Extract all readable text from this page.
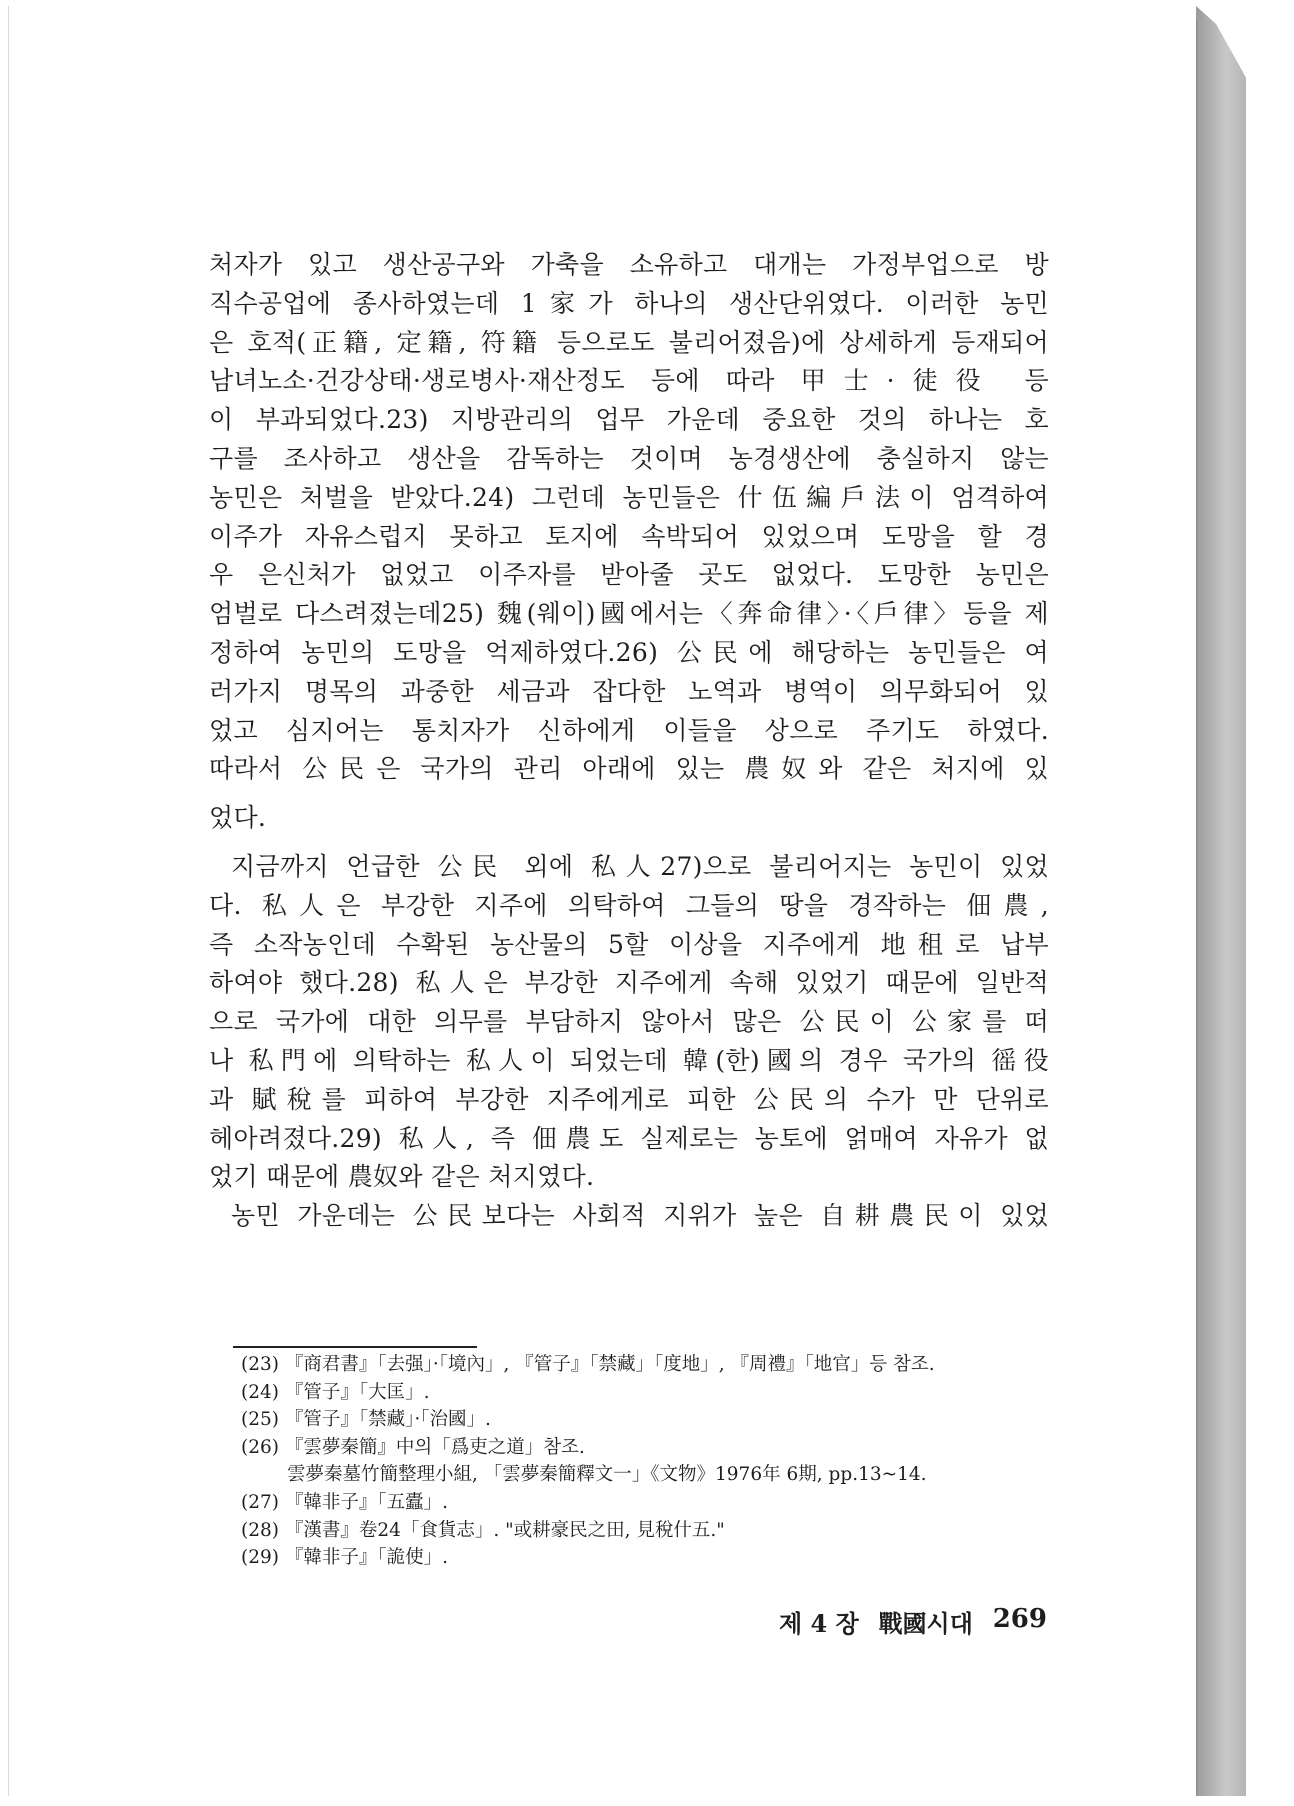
처자가 있고 생산공구와 가축을 소유하고 대개는 가정부업으로 방
직수공업에 종사하였는데 1家가 하나의 생산단위였다. 이러한 농민
은 호적(正籍, 定籍, 符籍 등으로도 불리어졌음)에 상세하게 등재되어
남녀노소·건강상태·생로병사·재산정도 등에 따라 甲士·徒役 등
이 부과되었다.23) 지방관리의 업무 가운데 중요한 것의 하나는 호
구를 조사하고 생산을 감독하는 것이며 농경생산에 충실하지 않는
농민은 처벌을 받았다.24) 그런데 농민들은 什伍編戶法이 엄격하여
이주가 자유스럽지 못하고 토지에 속박되어 있었으며 도망을 할 경
우 은신처가 없었고 이주자를 받아줄 곳도 없었다. 도망한 농민은
엄벌로 다스려졌는데25) 魏(웨이)國에서는〈奔命律〉·〈戶律〉등을 제
정하여 농민의 도망을 억제하였다.26) 公民에 해당하는 농민들은 여
러가지 명목의 과중한 세금과 잡다한 노역과 병역이 의무화되어 있
었고 심지어는 통치자가 신하에게 이들을 상으로 주기도 하였다.
따라서 公民은 국가의 관리 아래에 있는 農奴와 같은 처지에 있
었다.
지금까지 언급한 公民 외에 私人27)으로 불리어지는 농민이 있었
다. 私人은 부강한 지주에 의탁하여 그들의 땅을 경작하는 佃農,
즉 소작농인데 수확된 농산물의 5할 이상을 지주에게 地租로 납부
하여야 했다.28) 私人은 부강한 지주에게 속해 있었기 때문에 일반적
으로 국가에 대한 의무를 부담하지 않아서 많은 公民이 公家를 떠
나 私門에 의탁하는 私人이 되었는데 韓(한)國의 경우 국가의 徭役
과 賦稅를 피하여 부강한 지주에게로 피한 公民의 수가 만 단위로
헤아려졌다.29) 私人, 즉 佃農도 실제로는 농토에 얽매여 자유가 없
었기 때문에 農奴와 같은 처지였다.
농민 가운데는 公民보다는 사회적 지위가 높은 自耕農民이 있었
(23) 『商君書』「去强」·「境內」, 『管子』「禁藏」「度地」, 『周禮』「地官」등 참조.
(24) 『管子』「大匡」.
(25) 『管子』「禁藏」·「治國」.
(26) 『雲夢秦簡』中의「爲吏之道」참조.
雲夢秦墓竹簡整理小組, 「雲夢秦簡釋文一」《文物》1976年 6期, pp.13~14.
(27) 『韓非子』「五蠹」.
(28) 『漢書』卷24「食貨志」. "或耕豪民之田, 見稅什五."
(29) 『韓非子』「詭使」.
제 4 장 戰國시대 269
